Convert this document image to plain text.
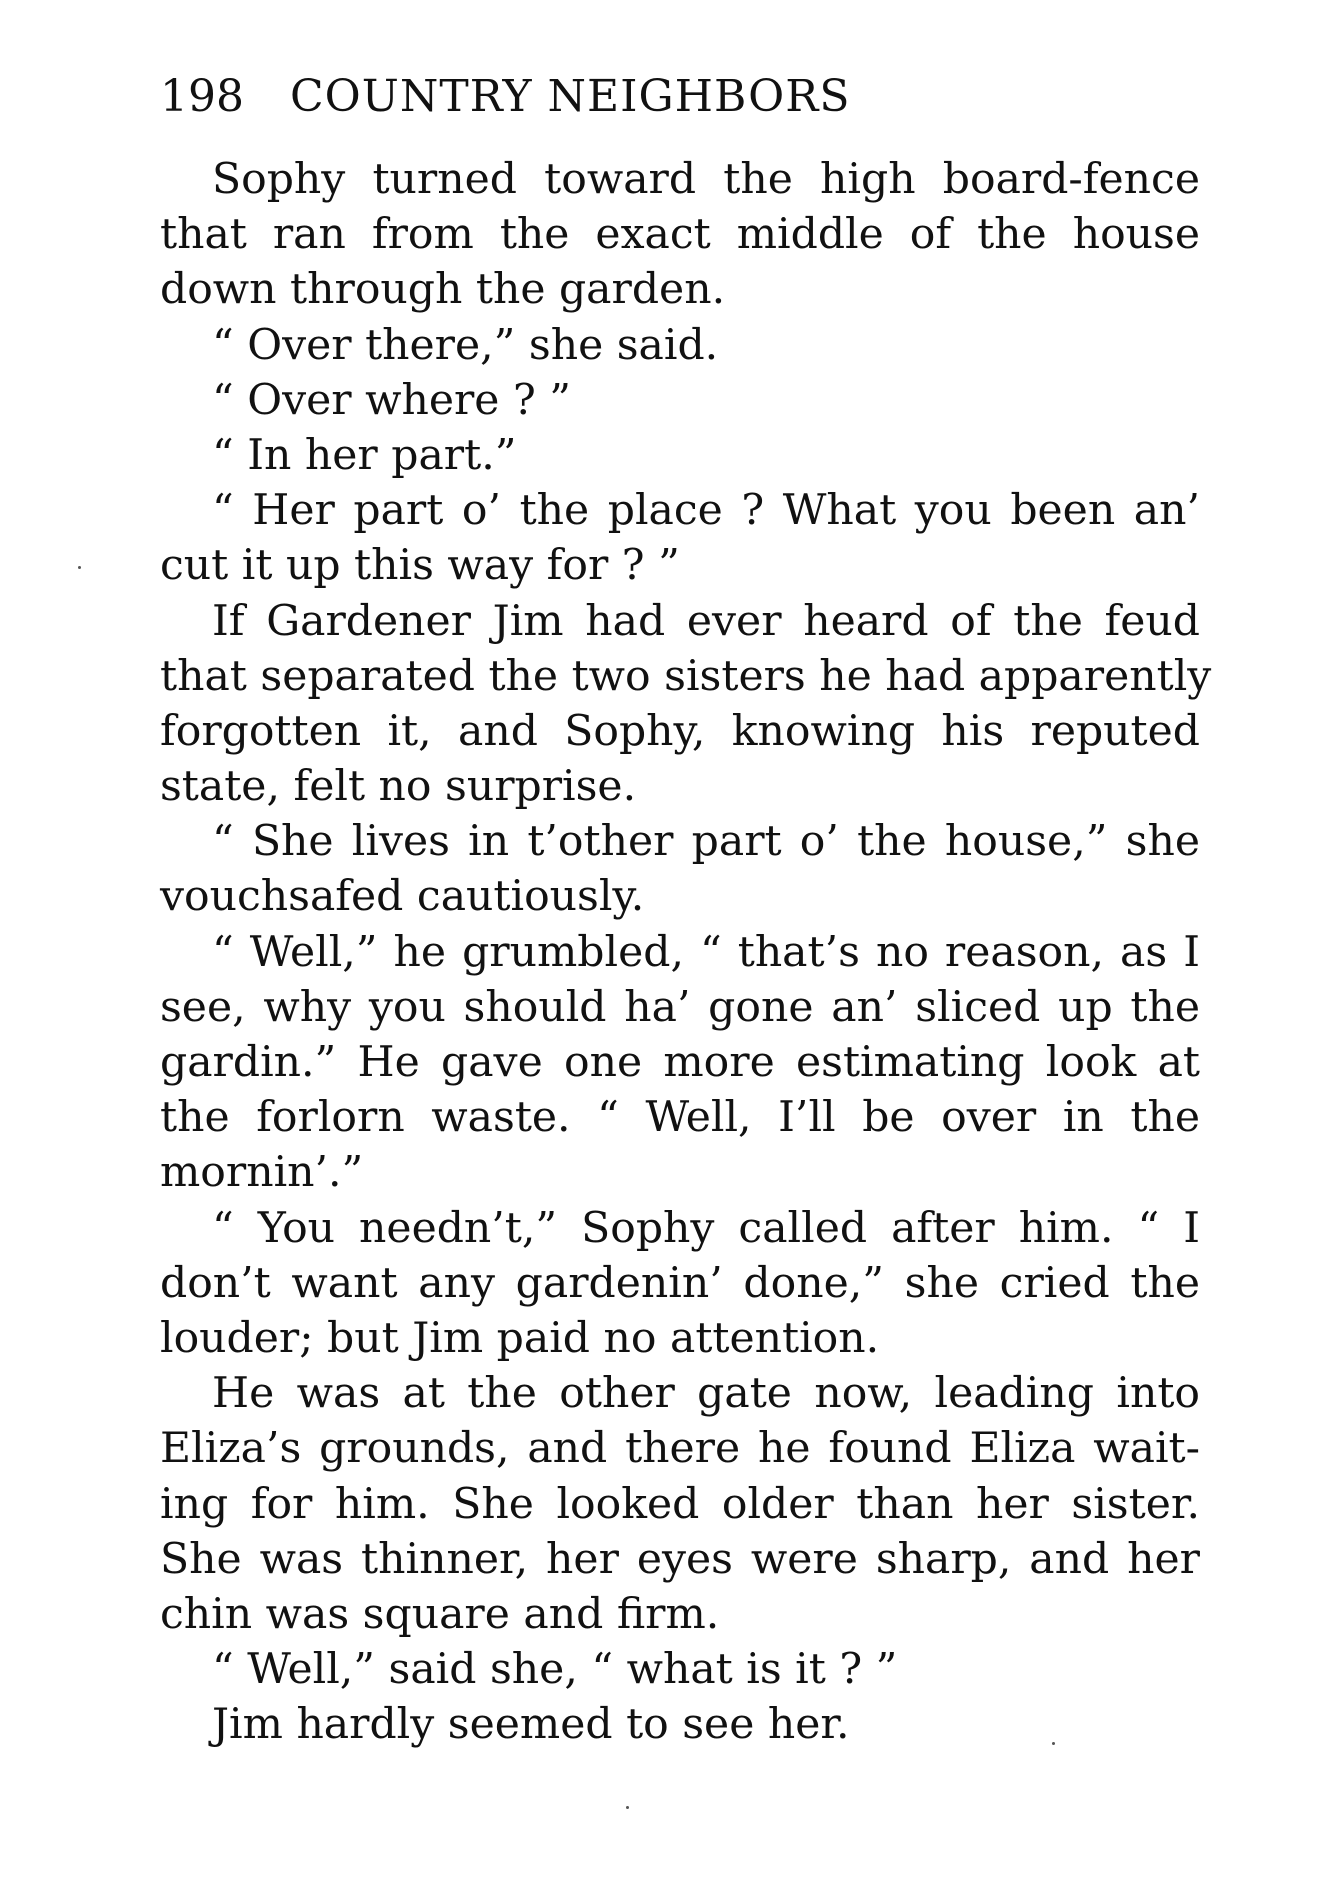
198 COUNTRY NEIGHBORS
Sophy turned toward the high board-fence
that ran from the exact middle of the house
down through the garden.
“ Over there,” she said.
“ Over where ? ”
“ In her part.”
“ Her part o’ the place ? What you been an’
cut it up this way for ? ”
If Gardener Jim had ever heard of the feud
that separated the two sisters he had apparently
forgotten it, and Sophy, knowing his reputed
state, felt no surprise.
“ She lives in t’other part o’ the house,” she
vouchsafed cautiously.
“ Well,” he grumbled, “ that’s no reason, as I
see, why you should ha’ gone an’ sliced up the
gardin.” He gave one more estimating look at
the forlorn waste. “ Well, I’ll be over in the
mornin’.”
“ You needn’t,” Sophy called after him. “ I
don’t want any gardenin’ done,” she cried the
louder; but Jim paid no attention.
He was at the other gate now, leading into
Eliza’s grounds, and there he found Eliza wait-
ing for him. She looked older than her sister.
She was thinner, her eyes were sharp, and her
chin was square and firm.
“ Well,” said she, “ what is it ? ”
Jim hardly seemed to see her.
